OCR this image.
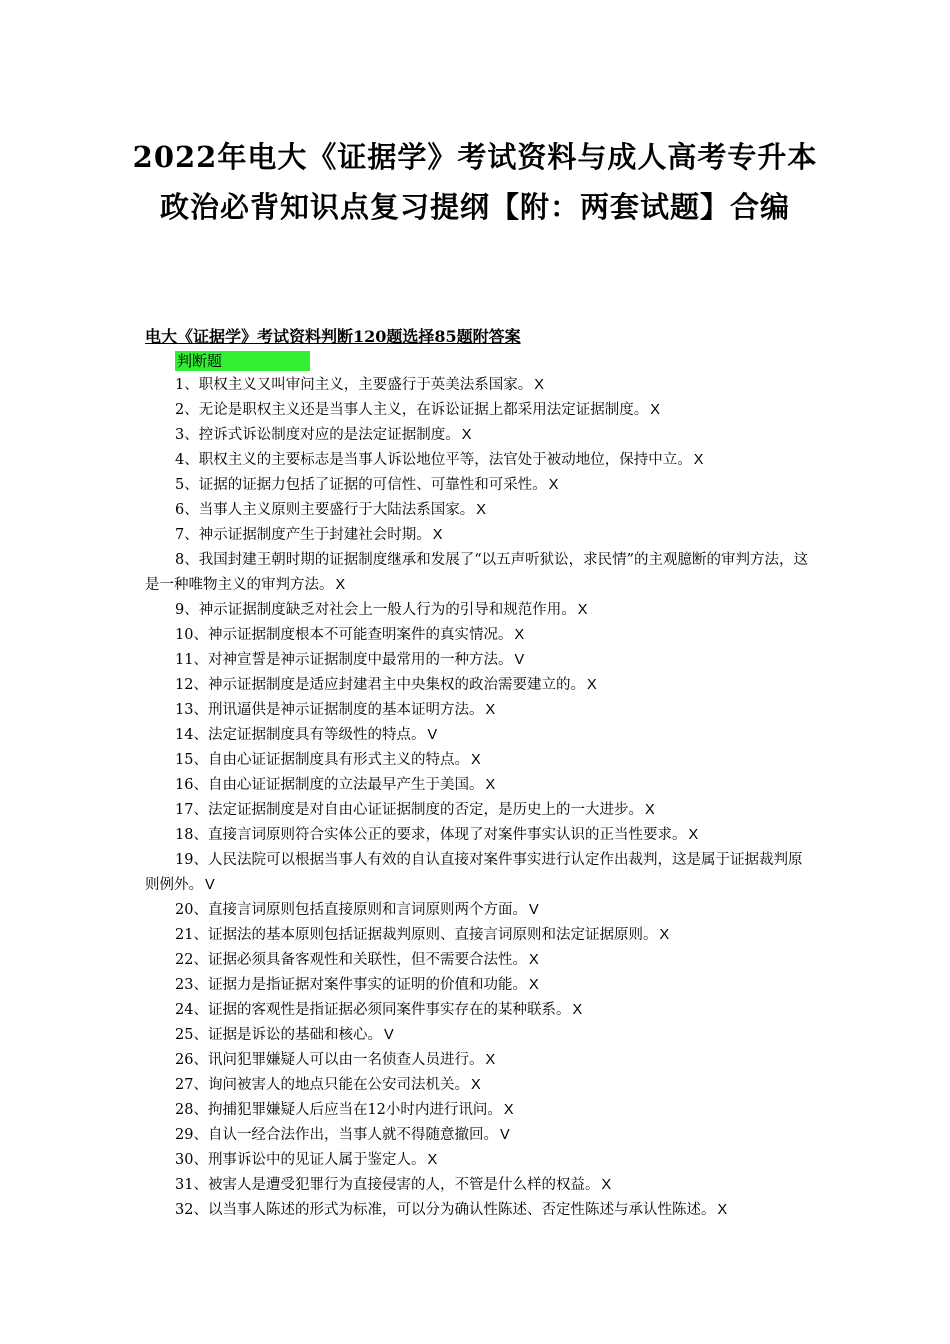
2022年电大《证据学》考试资料与成人高考专升本
政治必背知识点复习提纲【附：两套试题】合编
电大《证据学》考试资料判断120题选择85题附答案
判断题
1、职权主义又叫审问主义，主要盛行于英美法系国家。 X
2、无论是职权主义还是当事人主义，在诉讼证据上都采用法定证据制度。 X
3、控诉式诉讼制度对应的是法定证据制度。 X
4、职权主义的主要标志是当事人诉讼地位平等，法官处于被动地位，保持中立。 X
5、证据的证据力包括了证据的可信性、可靠性和可采性。 X
6、当事人主义原则主要盛行于大陆法系国家。 X
7、神示证据制度产生于封建社会时期。 X
8、我国封建王朝时期的证据制度继承和发展了“以五声听狱讼，求民情”的主观臆断的审判方法，这是一种唯物主义的审判方法。 X
9、神示证据制度缺乏对社会上一般人行为的引导和规范作用。 X
10、神示证据制度根本不可能查明案件的真实情况。 X
11、对神宣誓是神示证据制度中最常用的一种方法。 V
12、神示证据制度是适应封建君主中央集权的政治需要建立的。 X
13、刑讯逼供是神示证据制度的基本证明方法。 X
14、法定证据制度具有等级性的特点。 V
15、自由心证证据制度具有形式主义的特点。 X
16、自由心证证据制度的立法最早产生于美国。 X
17、法定证据制度是对自由心证证据制度的否定，是历史上的一大进步。 X
18、直接言词原则符合实体公正的要求，体现了对案件事实认识的正当性要求。 X
19、人民法院可以根据当事人有效的自认直接对案件事实进行认定作出裁判，这是属于证据裁判原则例外。 V
20、直接言词原则包括直接原则和言词原则两个方面。 V
21、证据法的基本原则包括证据裁判原则、直接言词原则和法定证据原则。 X
22、证据必须具备客观性和关联性，但不需要合法性。 X
23、证据力是指证据对案件事实的证明的价值和功能。 X
24、证据的客观性是指证据必须同案件事实存在的某种联系。 X
25、证据是诉讼的基础和核心。 V
26、讯问犯罪嫌疑人可以由一名侦查人员进行。 X
27、询问被害人的地点只能在公安司法机关。 X
28、拘捕犯罪嫌疑人后应当在12小时内进行讯问。 X
29、自认一经合法作出，当事人就不得随意撤回。 V
30、刑事诉讼中的见证人属于鉴定人。 X
31、被害人是遭受犯罪行为直接侵害的人，不管是什么样的权益。 X
32、以当事人陈述的形式为标准，可以分为确认性陈述、否定性陈述与承认性陈述。 X
